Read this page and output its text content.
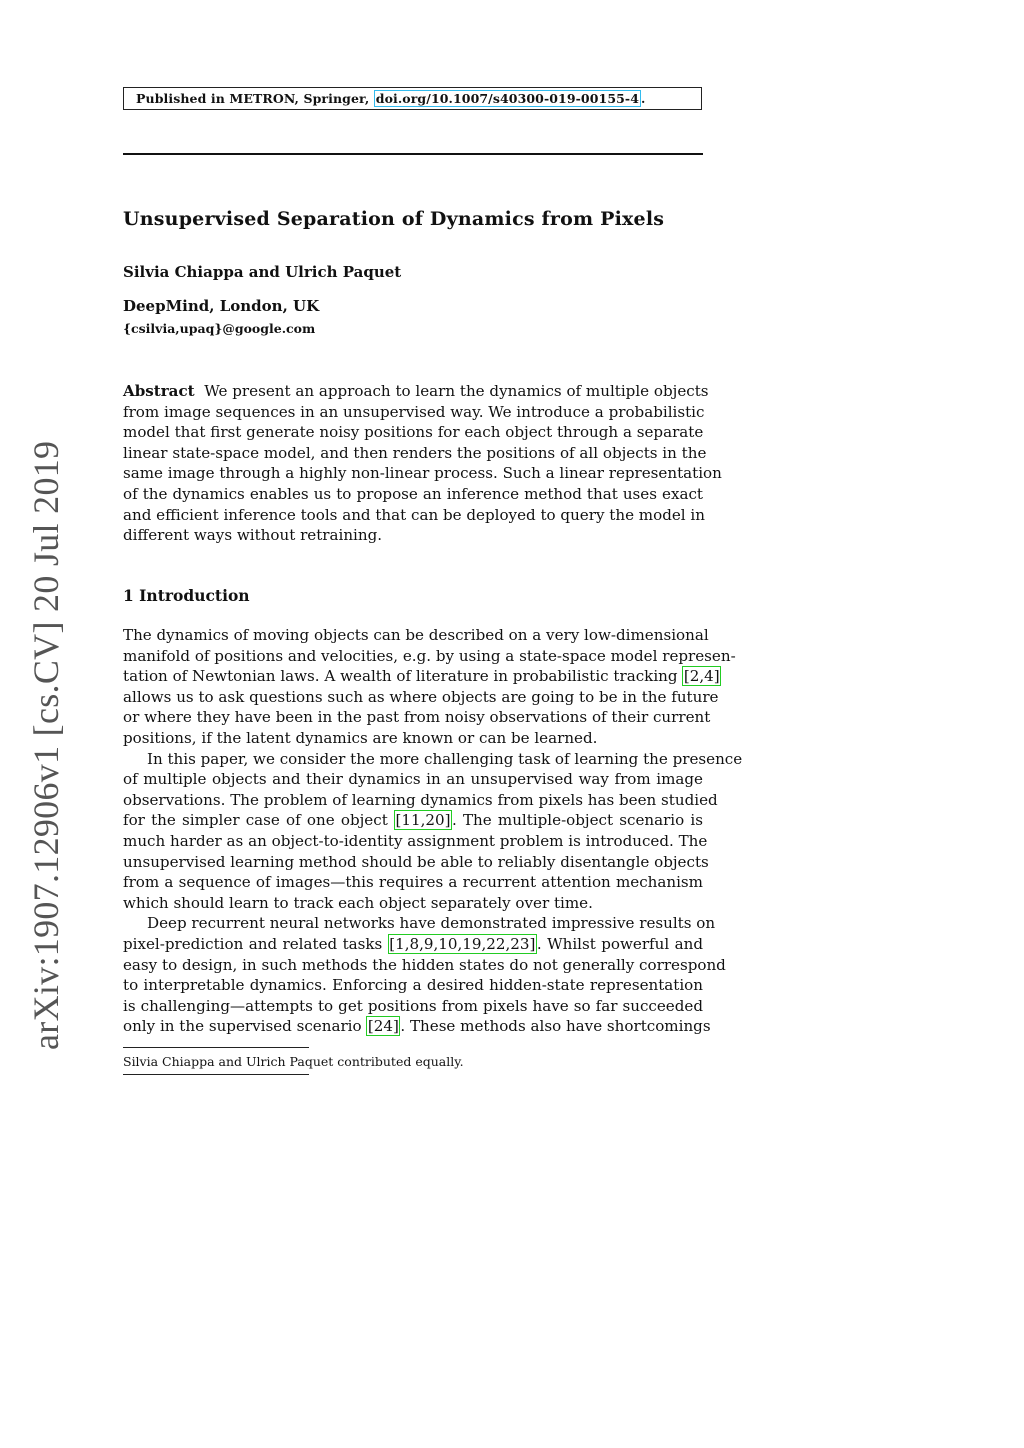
Published in METRON, Springer, doi.org/10.1007/s40300-019-00155-4 .
Unsupervised Separation of Dynamics from Pixels
Silvia Chiappa and Ulrich Paquet
DeepMind, London, UK
{csilvia,upaq}@google.com
Abstract We present an approach to learn the dynamics of multiple objects
from image sequences in an unsupervised way. We introduce a probabilistic
model that first generate noisy positions for each object through a separate
linear state-space model, and then renders the positions of all objects in the
same image through a highly non-linear process. Such a linear representation
of the dynamics enables us to propose an inference method that uses exact
and efficient inference tools and that can be deployed to query the model in
different ways without retraining.
1 Introduction
The dynamics of moving objects can be described on a very low-dimensional
manifold of positions and velocities, e.g. by using a state-space model represen-
tation of Newtonian laws. A wealth of literature in probabilistic tracking [2,4]
allows us to ask questions such as where objects are going to be in the future
or where they have been in the past from noisy observations of their current
positions, if the latent dynamics are known or can be learned.
In this paper, we consider the more challenging task of learning the presence
of multiple objects and their dynamics in an unsupervised way from image
observations. The problem of learning dynamics from pixels has been studied
for the simpler case of one object [11,20]. The multiple-object scenario is
much harder as an object-to-identity assignment problem is introduced. The
unsupervised learning method should be able to reliably disentangle objects
from a sequence of images—this requires a recurrent attention mechanism
which should learn to track each object separately over time.
Deep recurrent neural networks have demonstrated impressive results on
pixel-prediction and related tasks [1,8,9,10,19,22,23]. Whilst powerful and
easy to design, in such methods the hidden states do not generally correspond
to interpretable dynamics. Enforcing a desired hidden-state representation
is challenging—attempts to get positions from pixels have so far succeeded
only in the supervised scenario [24]. These methods also have shortcomings
Silvia Chiappa and Ulrich Paquet contributed equally.
arXiv:1907.12906v1 [cs.CV] 20 Jul 2019
